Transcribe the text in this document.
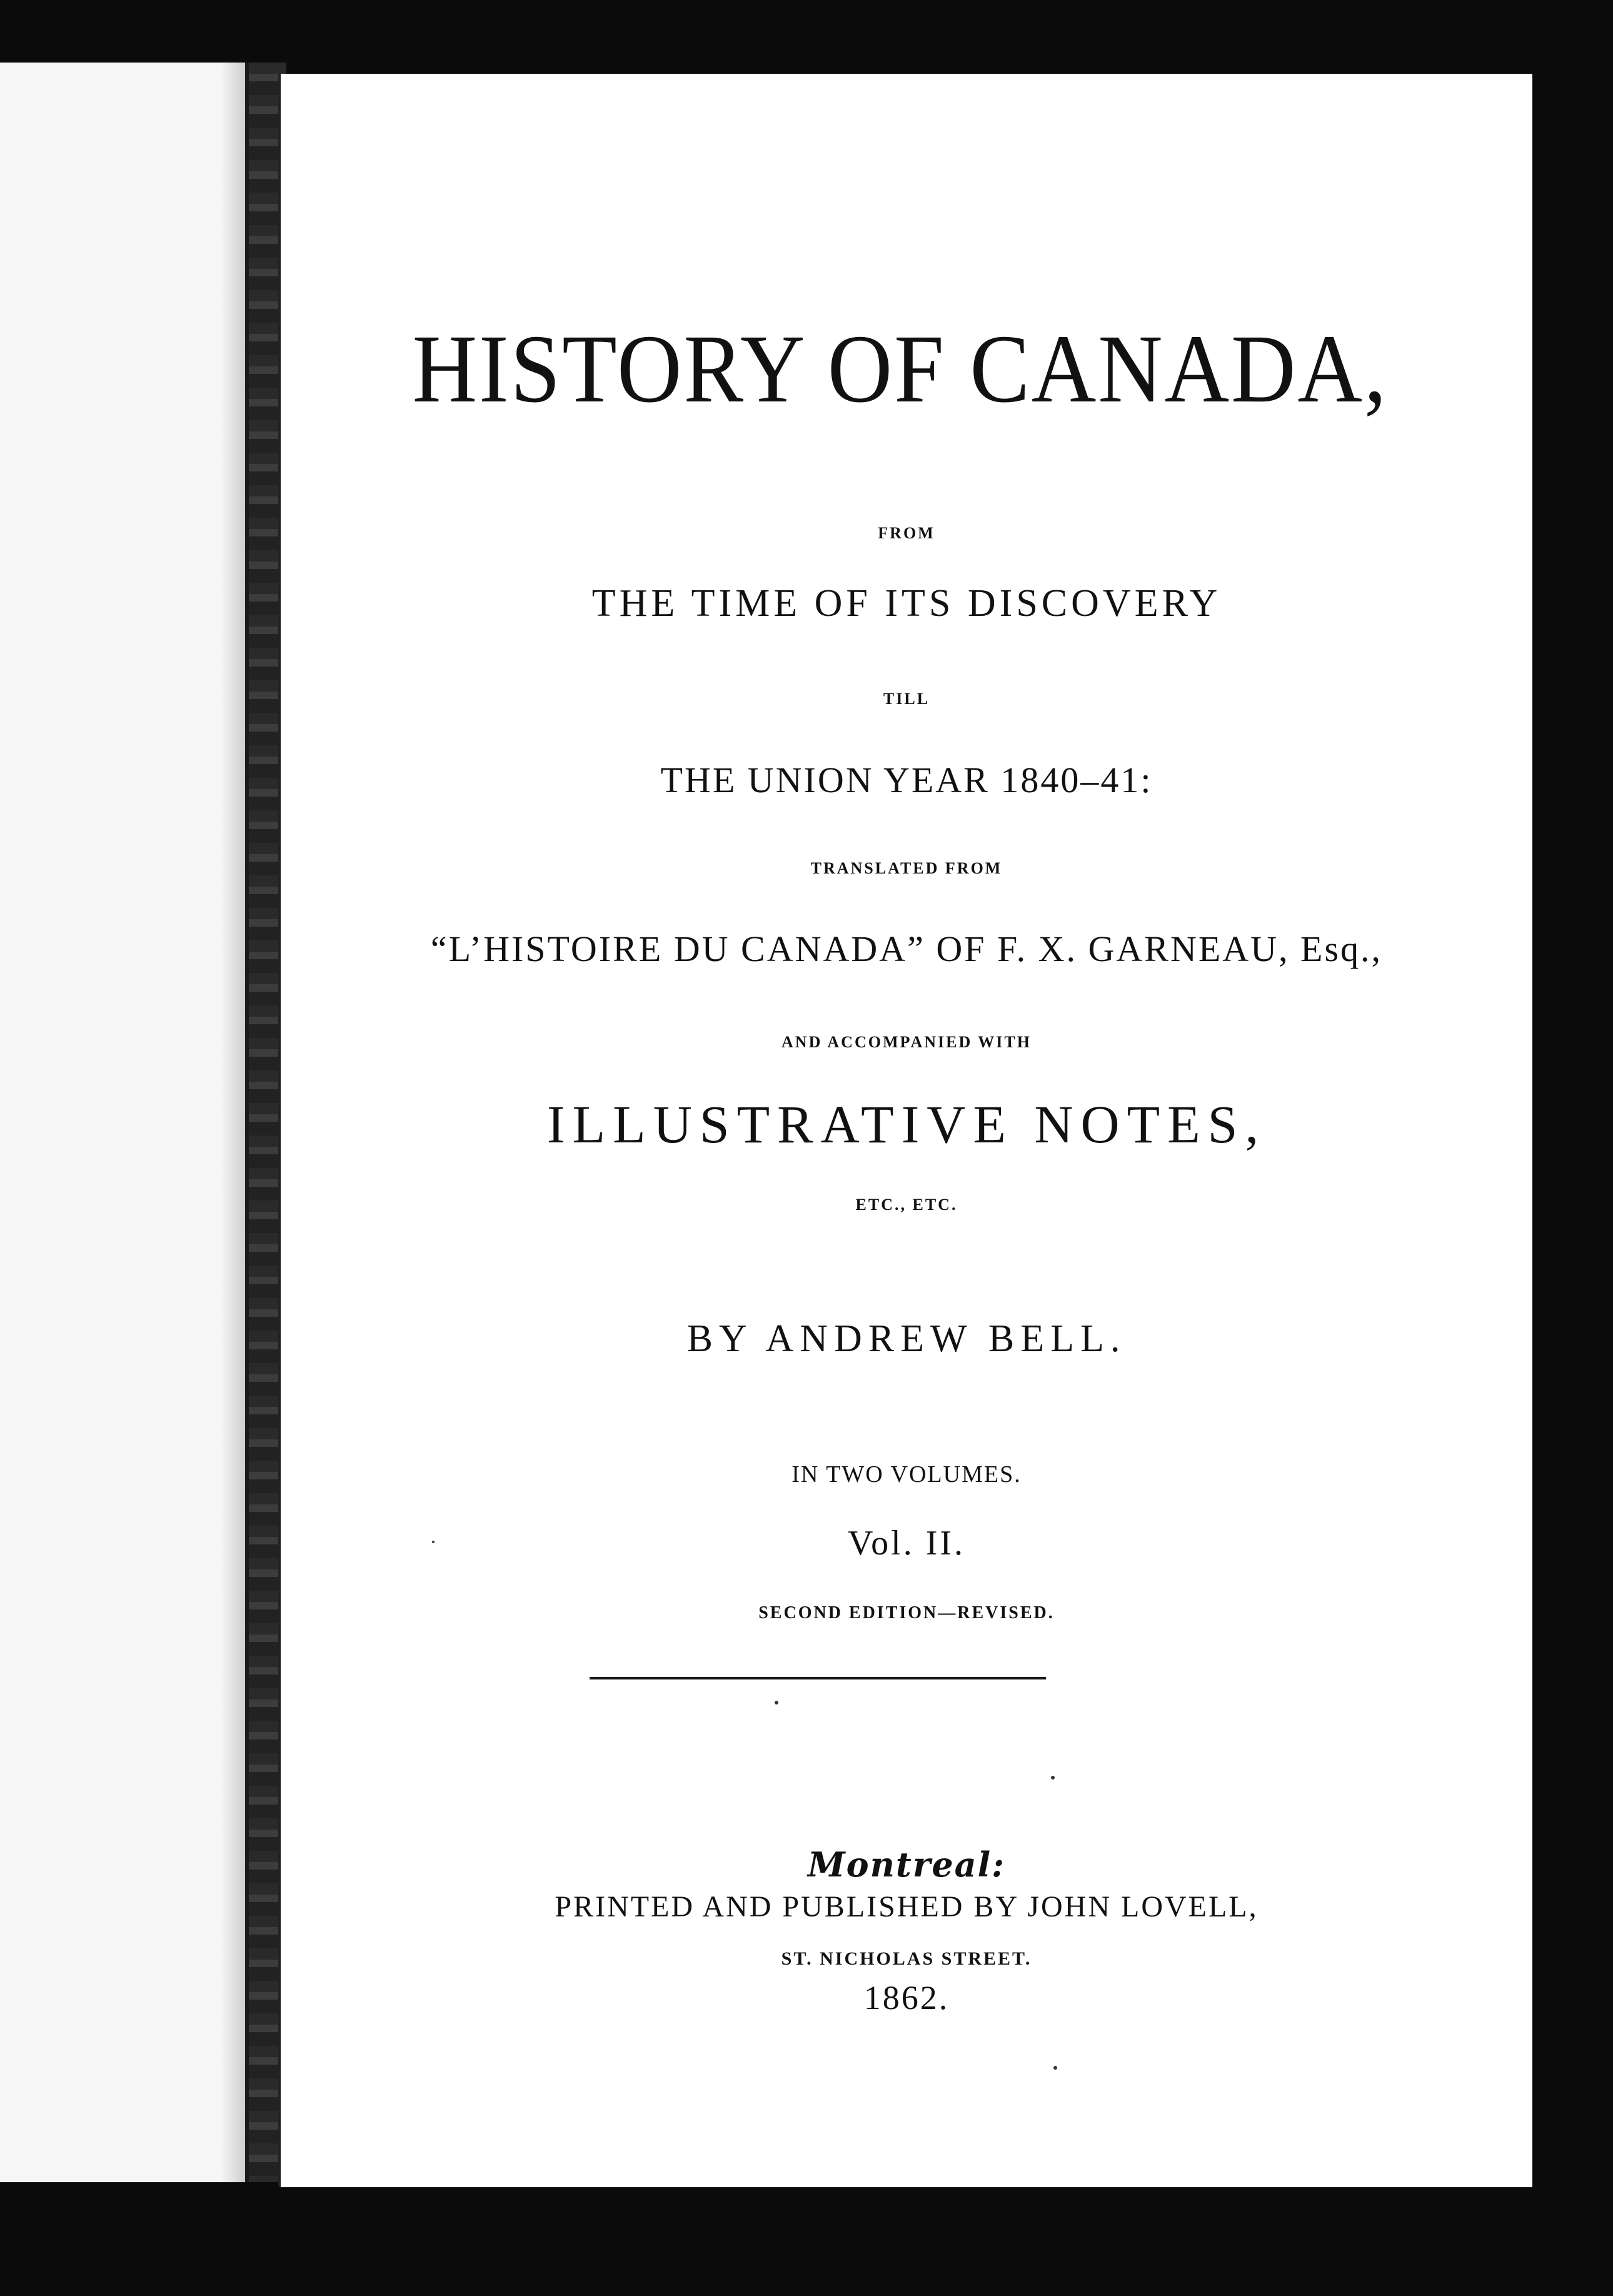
HISTORY OF CANADA,
FROM
THE TIME OF ITS DISCOVERY
TILL
THE UNION YEAR 1840–41:
TRANSLATED FROM
“L’HISTOIRE DU CANADA” OF F. X. GARNEAU, Esq.,
AND ACCOMPANIED WITH
ILLUSTRATIVE NOTES,
ETC., ETC.
BY ANDREW BELL.
IN TWO VOLUMES.
Vol. II.
SECOND EDITION—REVISED.
Montreal:
PRINTED AND PUBLISHED BY JOHN LOVELL,
ST. NICHOLAS STREET.
1862.
